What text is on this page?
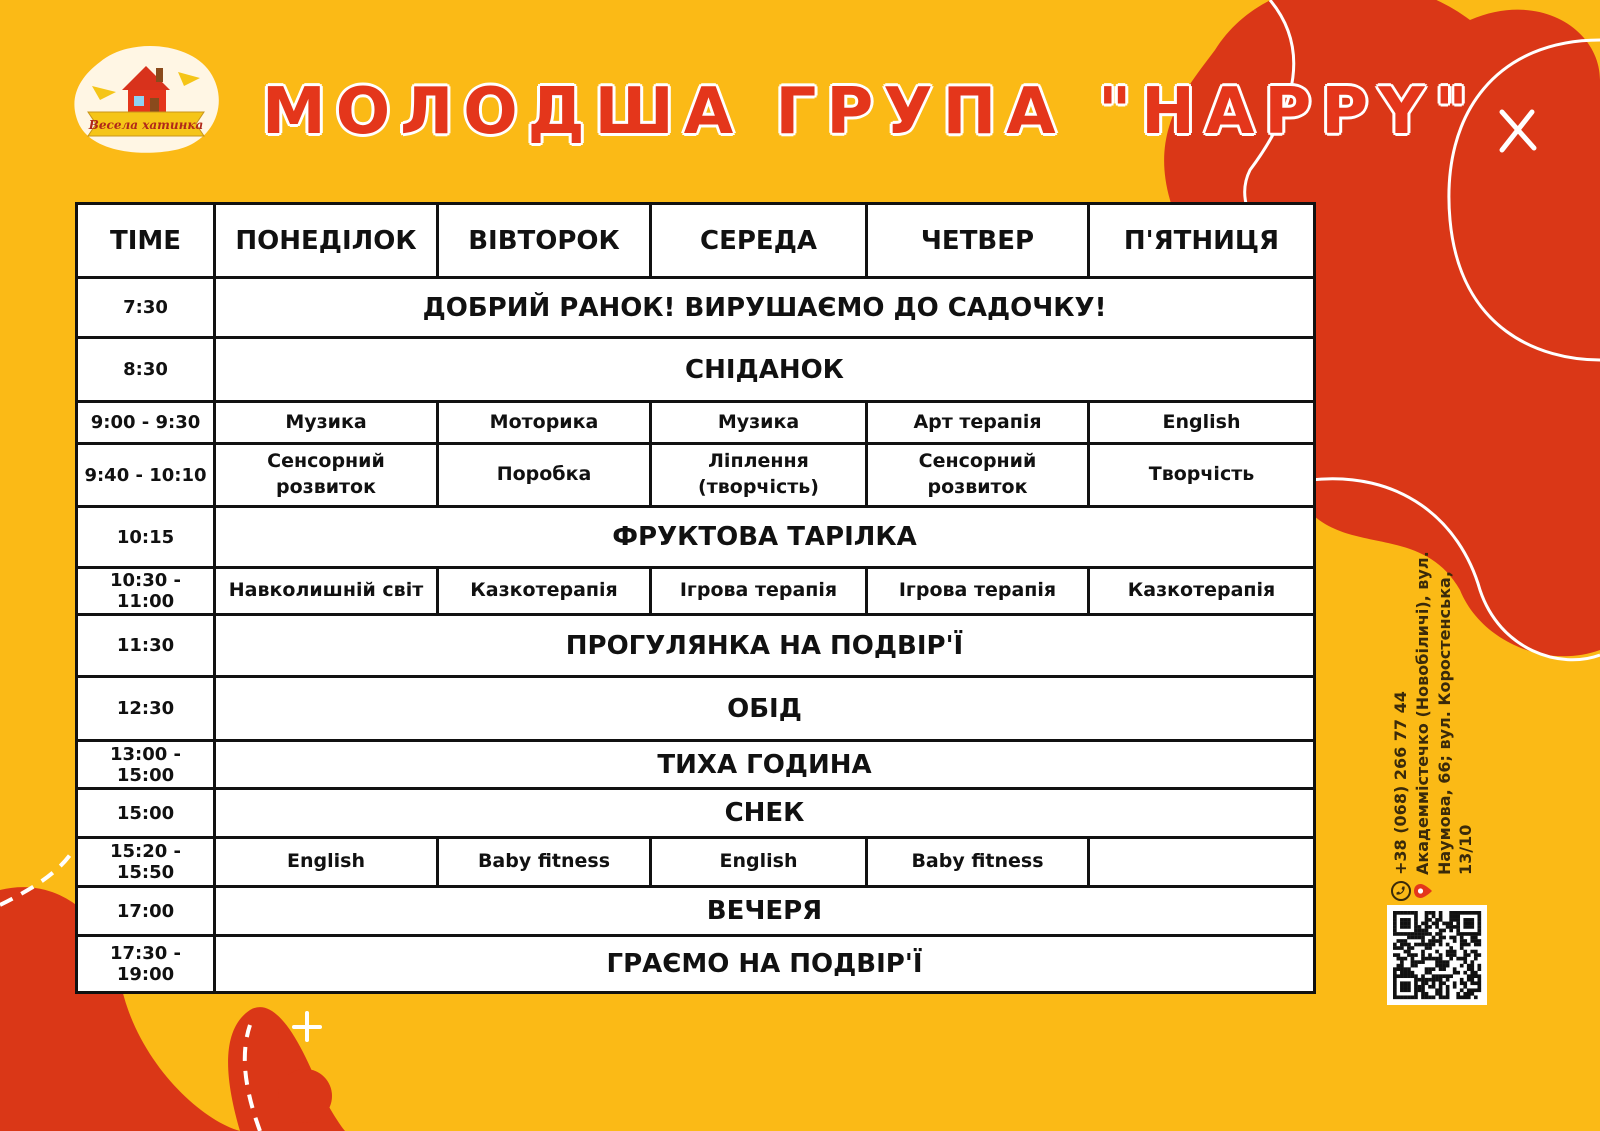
Весела хатинка МОЛОДША ГРУПА "HAPPY"
TIME	ПОНЕДІЛОК	ВІВТОРОК	СЕРЕДА	ЧЕТВЕР	П'ЯТНИЦЯ
7:30	ДОБРИЙ РАНОК! ВИРУШАЄМО ДО САДОЧКУ!				
8:30	СНІДАНОК				
9:00 - 9:30	Музика	Моторика	Музика	Арт терапія	English
9:40 - 10:10	Сенсорний розвиток	Поробка	Ліплення (творчість)	Сенсорний розвиток	Творчість
10:15	ФРУКТОВА ТАРІЛКА				
10:30 - 11:00	Навколишній світ	Казкотерапія	Ігрова терапія	Ігрова терапія	Казкотерапія
11:30	ПРОГУЛЯНКА НА ПОДВІР'Ї				
12:30	ОБІД				
13:00 - 15:00	ТИХА ГОДИНА				
15:00	СНЕК				
15:20 - 15:50	English	Baby fitness	English	Baby fitness	
17:00	ВЕЧЕРЯ				
17:30 - 19:00	ГРАЄМО НА ПОДВІР'Ї				
+38 (068) 266 77 44 Академмістечко (Новобіличі), вул. Наумова, 66; вул. Коростенська, 13/10
